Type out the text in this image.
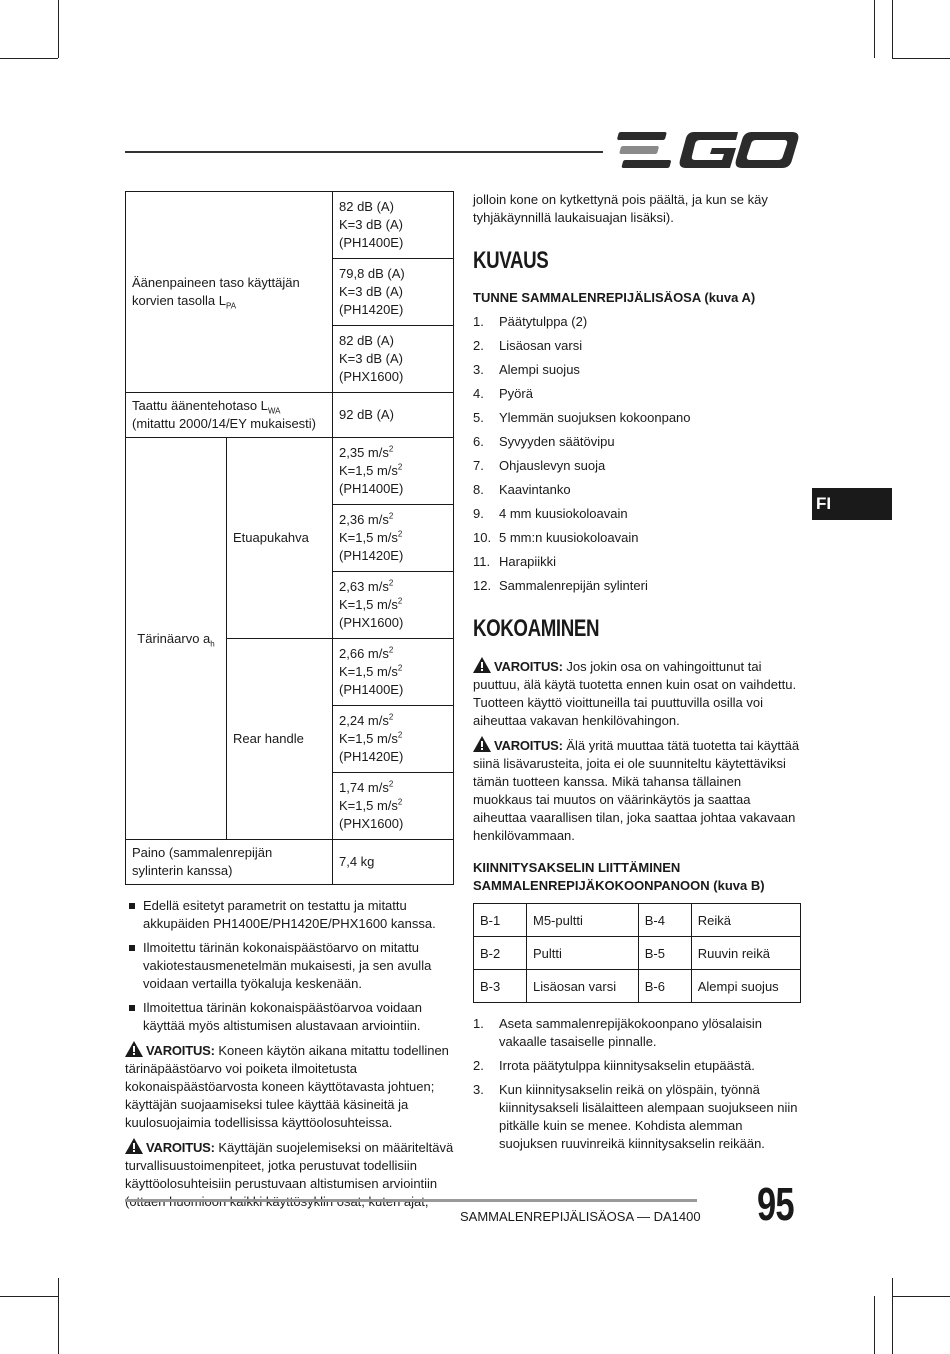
FI
Äänenpaineen taso käyttäjän korvien tasolla $L_{PA}$		82 dB (A)
K=3 dB (A)
(PH1400E)
		79,8 dB (A)
K=3 dB (A)
(PH1420E)
		82 dB (A)
K=3 dB (A)
(PHX1600)
Taattu äänentehotaso $L_{WA}$ (mitattu 2000/14/EY mukaisesti)		92 dB (A)
Tärinäarvo $a_h$	Etuapukahva	2,35 $m/s^2$
K=1,5 $m/s^2$
(PH1400E)
		2,36 $m/s^2$
K=1,5 $m/s^2$
(PH1420E)
		2,63 $m/s^2$
K=1,5 $m/s^2$
(PHX1600)
	Rear handle	2,66 $m/s^2$
K=1,5 $m/s^2$
(PH1400E)
		2,24 $m/s^2$
K=1,5 $m/s^2$
(PH1420E)
		1,74 $m/s^2$
K=1,5 $m/s^2$
(PHX1600)
Paino (sammalenrepijän sylinterin kanssa)		7,4 kg
Edellä esitetyt parametrit on testattu ja mitattu akkupäiden PH1400E/PH1420E/PHX1600 kanssa.
Ilmoitettu tärinän kokonaispäästöarvo on mitattu vakiotestausmenetelmän mukaisesti, ja sen avulla voidaan vertailla työkaluja keskenään.
Ilmoitettua tärinän kokonaispäästöarvoa voidaan käyttää myös altistumisen alustavaan arviointiin.

VAROITUS: Koneen käytön aikana mitattu todellinen tärinäpäästöarvo voi poiketa ilmoitetusta kokonaispäästöarvosta koneen käyttötavasta johtuen; käyttäjän suojaamiseksi tulee käyttää käsineitä ja kuulosuojaimia todellisissa käyttöolosuhteissa.

VAROITUS: Käyttäjän suojelemiseksi on määriteltävä turvallisuustoimenpiteet, jotka perustuvat todellisiin käyttöolosuhteisiin perustuvaan altistumisen arviointiin

jolloin kone on kytkettynä pois päältä, ja kun se käy tyhjäkäynnillä laukaisuajan lisäksi).

KUVAUS
TUNNE SAMMALENREPIJÄLISÄOSA (kuva A)
1. Päätytulppa (2)
2. Lisäosan varsi
3. Alempi suojus
4. Pyörä
5. Ylemmän suojuksen kokoonpano
6. Syvyyden säätövipu
7. Ohjauslevyn suoja
8. Kaavintanko
9. 4 mm kuusiokoloavain
10. 5 mm:n kuusiokoloavain
11. Harapiikki
12. Sammalenrepijän sylinteri
KOKOAMINEN

VAROITUS: Jos jokin osa on vahingoittunut tai puuttuu, älä käytä tuotetta ennen kuin osat on vaihdettu. Tuotteen käyttö vioittuneilla tai puuttuvilla osilla voi aiheuttaa vakavan henkilövahingon.

VAROITUS: Älä yritä muuttaa tätä tuotetta tai käyttää siinä lisävarusteita, joita ei ole suunniteltu käytettäviksi tämän tuotteen kanssa. Mikä tahansa tällainen muokkaus tai muutos on väärinkäytös ja saattaa aiheuttaa vaarallisen tilan, joka saattaa johtaa vakavaan henkilövammaan.

KIINNITYSAKSELIN LIITTÄMINEN SAMMALENREPIJÄKOKOONPANOON (kuva B)
B-1	M5-pultti	B-4	Reikä
B-2	Pultti	B-5	Ruuvin reikä
B-3	Lisäosan varsi	B-6	Alempi suojus
1. Aseta sammalenrepijäkokoonpano ylösalaisin vakaalle tasaiselle pinnalle.
2. Irrota päätytulppa kiinnitysakselin etupäästä.
3. Kun kiinnitysakselin reikä on ylöspäin, työnnä kiinnitysakseli lisälaitteen alempaan suojukseen niin pitkälle kuin se menee. Kohdista alemman suojuksen ruuvinreikä kiinnitysakselin reikään.
SAMMALENREPIJÄLISÄOSA — DA1400 95
